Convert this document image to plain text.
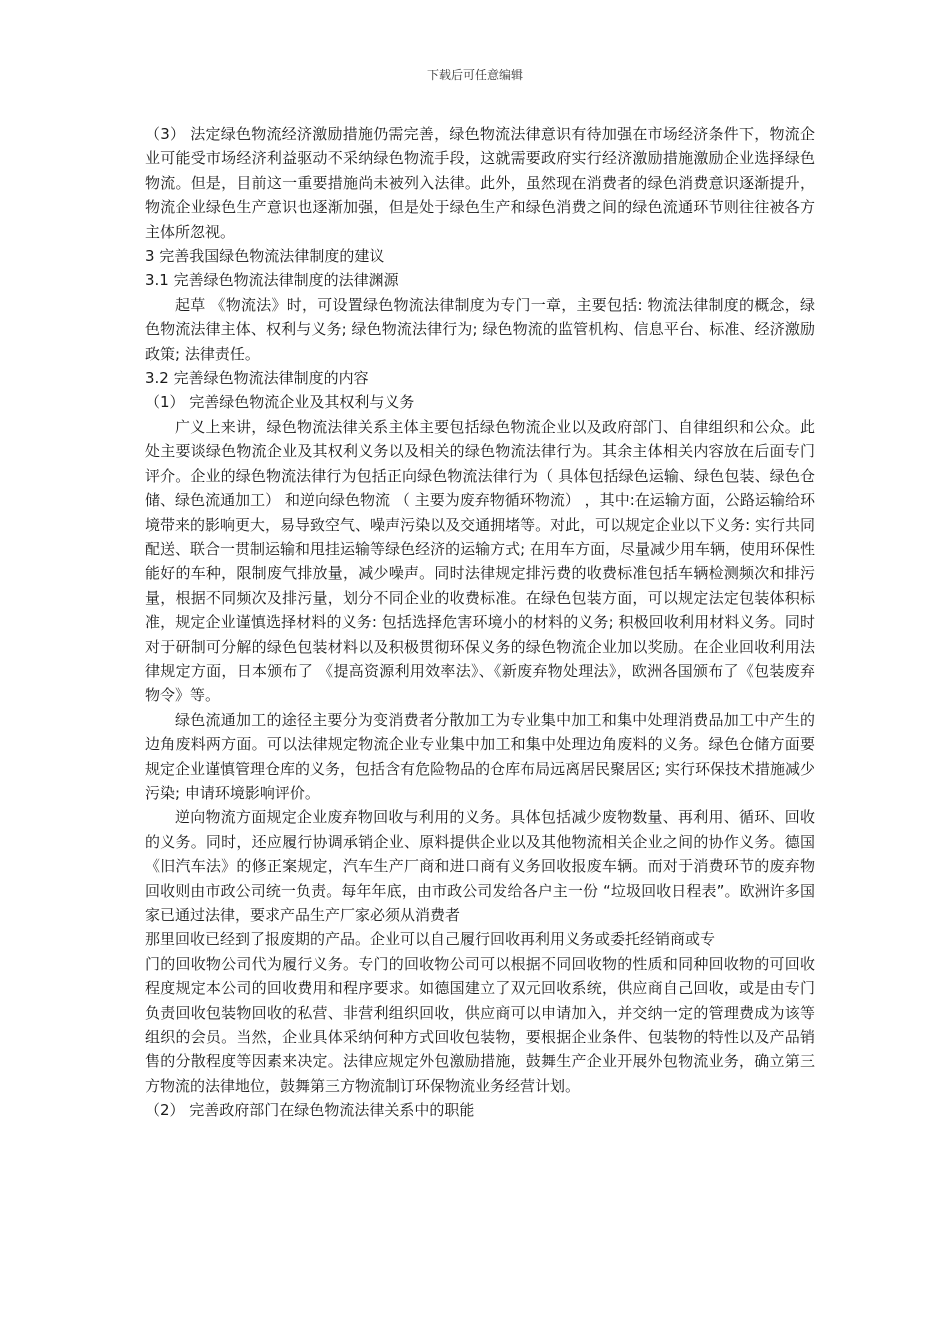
下载后可任意编辑

（3） 法定绿色物流经济激励措施仍需完善，绿色物流法律意识有待加强在市场经济条件下，物流企业可能受市场经济利益驱动不采纳绿色物流手段，这就需要政府实行经济激励措施激励企业选择绿色物流。但是，目前这一重要措施尚未被列入法律。此外，虽然现在消费者的绿色消费意识逐渐提升，物流企业绿色生产意识也逐渐加强，但是处于绿色生产和绿色消费之间的绿色流通环节则往往被各方主体所忽视。

3 完善我国绿色物流法律制度的建议

3.1 完善绿色物流法律制度的法律渊源

起草 《物流法》时，可设置绿色物流法律制度为专门一章，主要包括: 物流法律制度的概念，绿色物流法律主体、权利与义务; 绿色物流法律行为; 绿色物流的监管机构、信息平台、标准、经济激励政策; 法律责任。

3.2 完善绿色物流法律制度的内容

（1） 完善绿色物流企业及其权利与义务

广义上来讲，绿色物流法律关系主体主要包括绿色物流企业以及政府部门、自律组织和公众。此处主要谈绿色物流企业及其权利义务以及相关的绿色物流法律行为。其余主体相关内容放在后面专门评介。企业的绿色物流法律行为包括正向绿色物流法律行为（ 具体包括绿色运输、绿色包装、绿色仓储、绿色流通加工） 和逆向绿色物流 （ 主要为废弃物循环物流） ，其中:在运输方面，公路运输给环境带来的影响更大，易导致空气、噪声污染以及交通拥堵等。对此，可以规定企业以下义务: 实行共同配送、联合一贯制运输和甩挂运输等绿色经济的运输方式; 在用车方面，尽量减少用车辆，使用环保性能好的车种，限制废气排放量，减少噪声。同时法律规定排污费的收费标准包括车辆检测频次和排污量，根据不同频次及排污量，划分不同企业的收费标准。在绿色包装方面，可以规定法定包装体积标准，规定企业谨慎选择材料的义务: 包括选择危害环境小的材料的义务; 积极回收利用材料义务。同时对于研制可分解的绿色包装材料以及积极贯彻环保义务的绿色物流企业加以奖励。在企业回收利用法律规定方面，日本颁布了 《提高资源利用效率法》、《新废弃物处理法》，欧洲各国颁布了《包装废弃物令》等。

绿色流通加工的途径主要分为变消费者分散加工为专业集中加工和集中处理消费品加工中产生的边角废料两方面。可以法律规定物流企业专业集中加工和集中处理边角废料的义务。绿色仓储方面要规定企业谨慎管理仓库的义务，包括含有危险物品的仓库布局远离居民聚居区; 实行环保技术措施减少污染; 申请环境影响评价。

逆向物流方面规定企业废弃物回收与利用的义务。具体包括减少废物数量、再利用、循环、回收的义务。同时，还应履行协调承销企业、原料提供企业以及其他物流相关企业之间的协作义务。德国 《旧汽车法》的修正案规定，汽车生产厂商和进口商有义务回收报废车辆。而对于消费环节的废弃物回收则由市政公司统一负责。每年年底，由市政公司发给各户主一份 “垃圾回收日程表”。欧洲许多国家已通过法律，要求产品生产厂家必须从消费者

那里回收已经到了报废期的产品。企业可以自己履行回收再利用义务或委托经销商或专

门的回收物公司代为履行义务。专门的回收物公司可以根据不同回收物的性质和同种回收物的可回收程度规定本公司的回收费用和程序要求。如德国建立了双元回收系统，供应商自己回收，或是由专门负责回收包装物回收的私营、非营利组织回收，供应商可以申请加入，并交纳一定的管理费成为该等组织的会员。当然，企业具体采纳何种方式回收包装物，要根据企业条件、包装物的特性以及产品销售的分散程度等因素来决定。法律应规定外包激励措施，鼓舞生产企业开展外包物流业务，确立第三方物流的法律地位，鼓舞第三方物流制订环保物流业务经营计划。

（2） 完善政府部门在绿色物流法律关系中的职能
